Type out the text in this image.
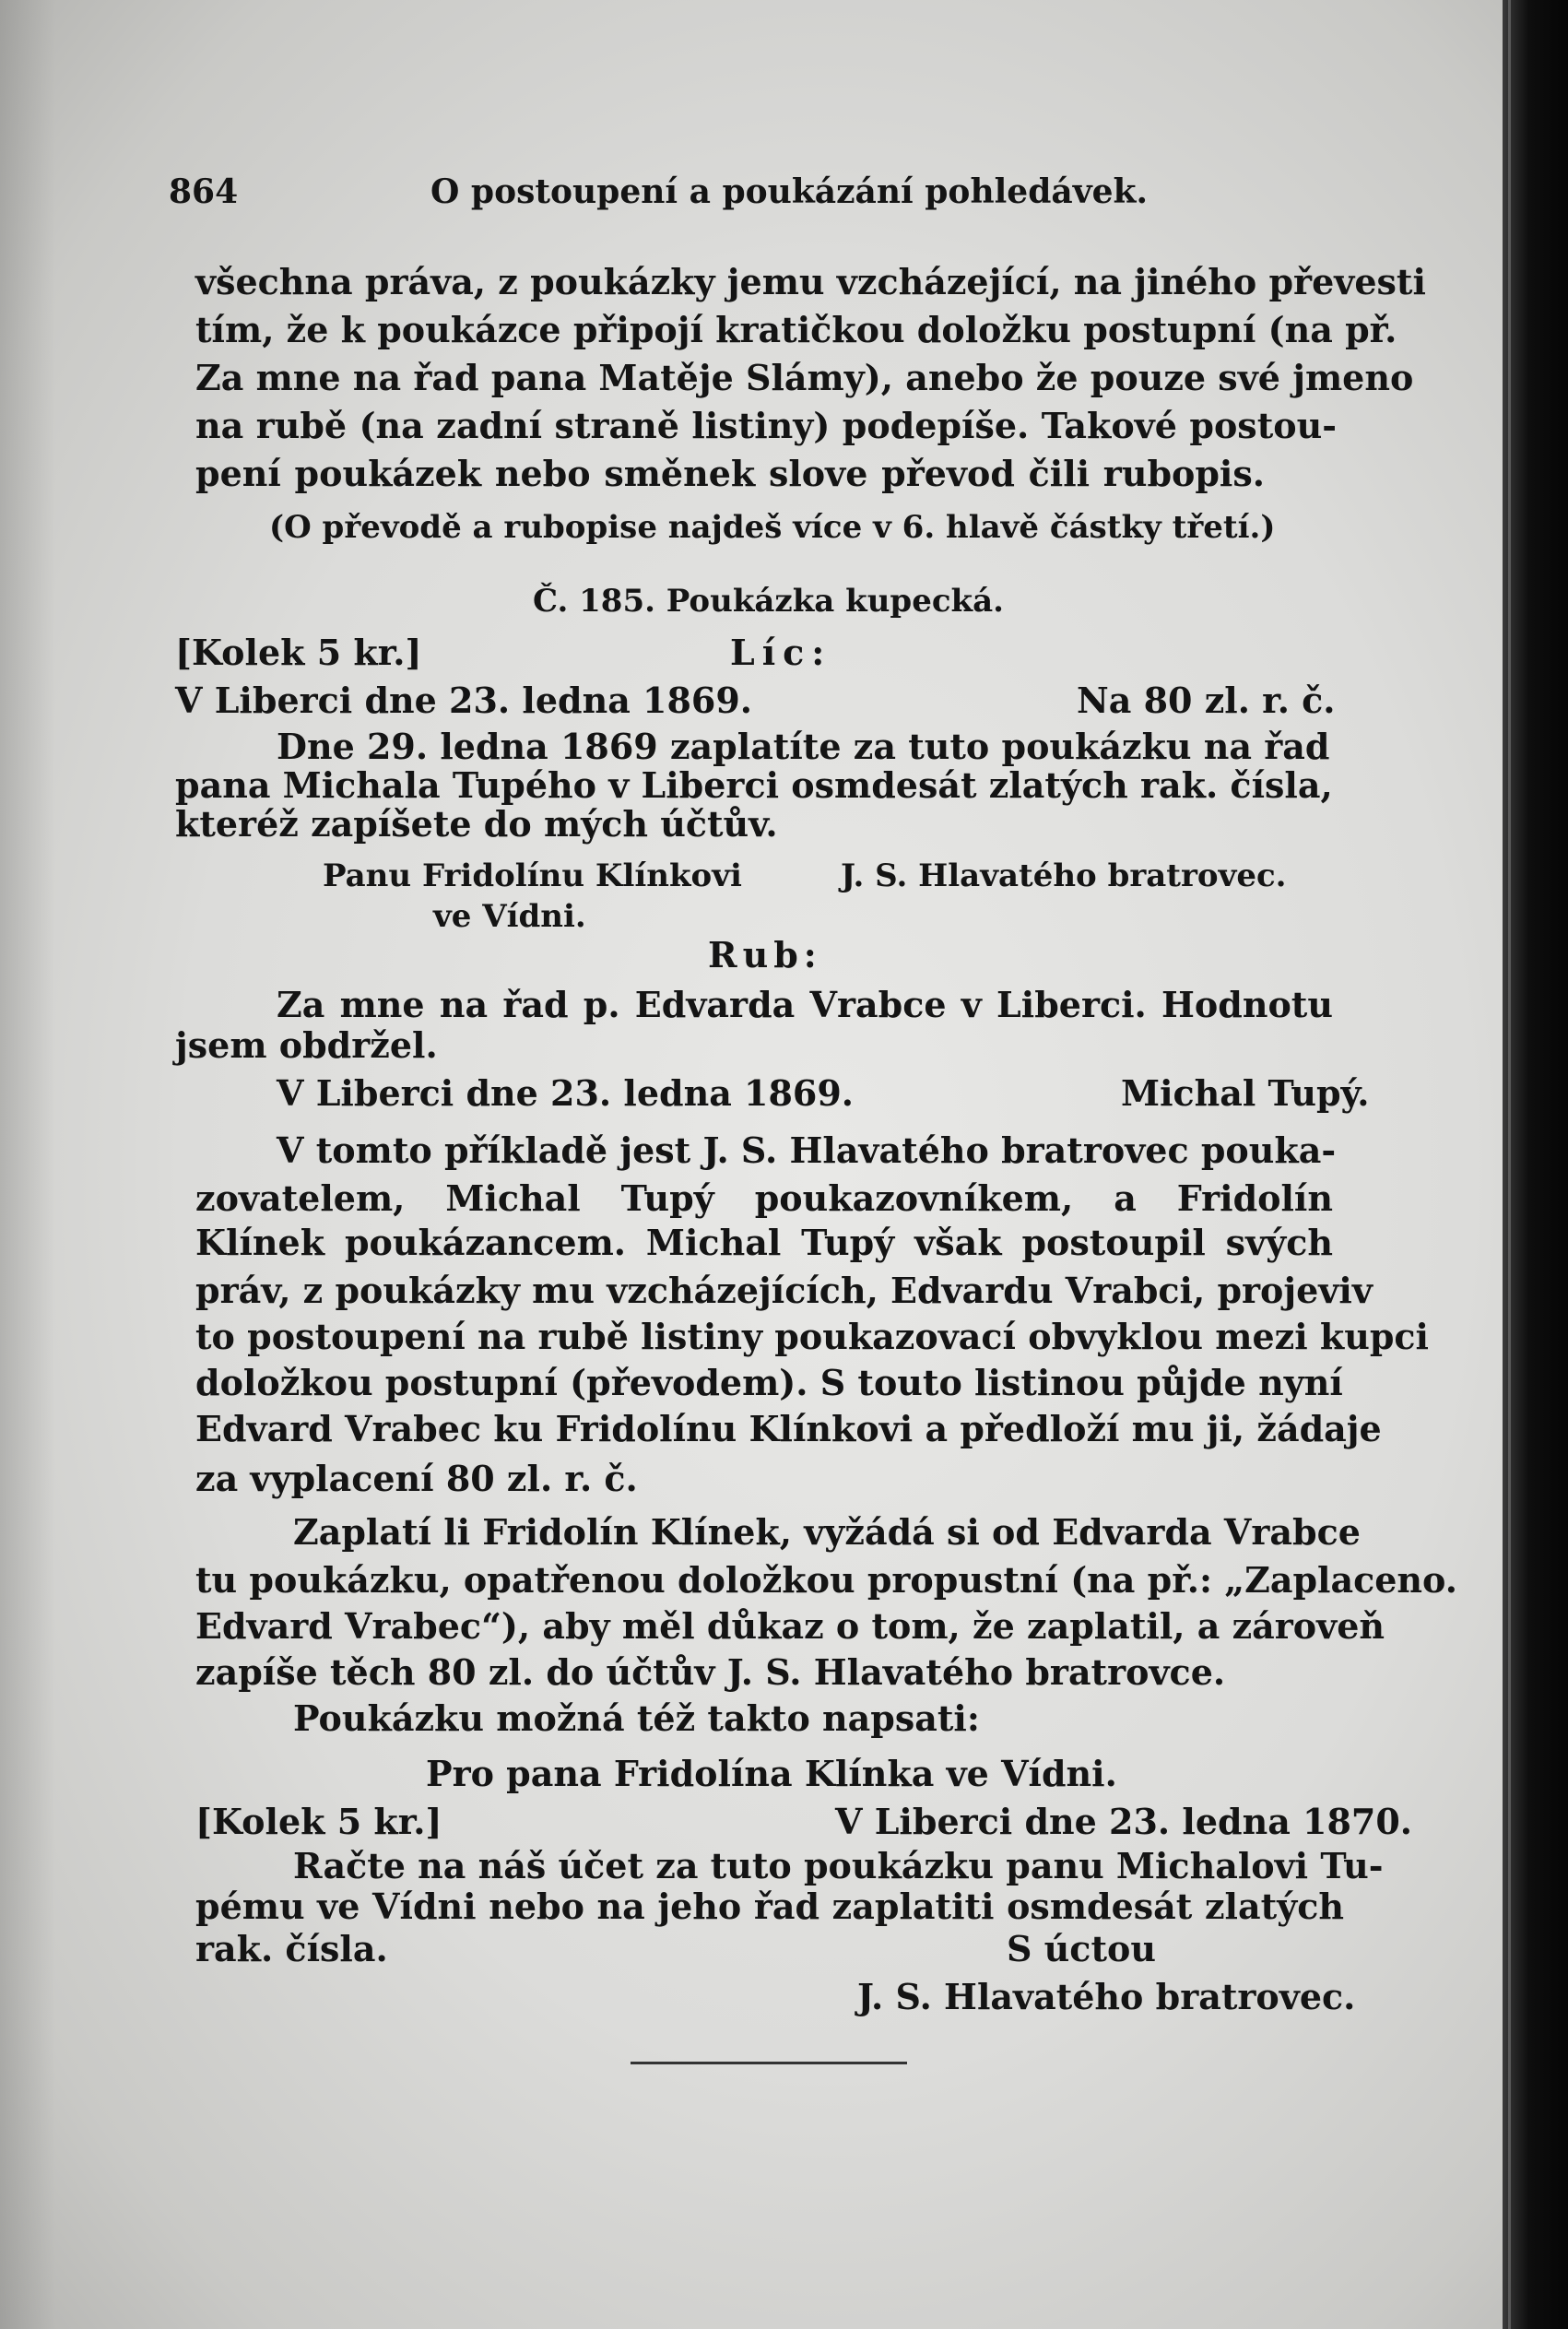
864	O postoupení a poukázání pohledávek.
všechna práva, z poukázky jemu vzcházející, na jiného převesti
tím, že k poukázce připojí kratičkou doložku postupní (na př.
Za mne na řad pana Matěje Slámy), anebo že pouze své jmeno
na rubě (na zadní straně listiny) podepíše. Takové postou-
pení poukázek nebo směnek slove převod čili rubopis.
(O převodě a rubopise najdeš více v 6. hlavě částky třetí.)
Č. 185. Poukázka kupecká.
[Kolek 5 kr.]	Líc:
V Liberci dne 23. ledna 1869.	Na 80 zl. r. č.
Dne 29. ledna 1869 zaplatíte za tuto poukázku na řad
pana Michala Tupého v Liberci osmdesát zlatých rak. čísla,
kteréž zapíšete do mých účtův.
Panu Fridolínu Klínkovi	J. S. Hlavatého bratrovec.
ve Vídni.
Rub:
Za mne na řad p. Edvarda Vrabce v Liberci. Hodnotu
jsem obdržel.
V Liberci dne 23. ledna 1869.	Michal Tupý.
V tomto příkladě jest J. S. Hlavatého bratrovec pouka-
zovatelem, Michal Tupý poukazovníkem, a Fridolín
Klínek poukázancem. Michal Tupý však postoupil svých
práv, z poukázky mu vzcházejících, Edvardu Vrabci, projeviv
to postoupení na rubě listiny poukazovací obvyklou mezi kupci
doložkou postupní (převodem). S touto listinou půjde nyní
Edvard Vrabec ku Fridolínu Klínkovi a předloží mu ji, žádaje
za vyplacení 80 zl. r. č.
Zaplatí li Fridolín Klínek, vyžádá si od Edvarda Vrabce
tu poukázku, opatřenou doložkou propustní (na př.: „Zaplaceno.
Edvard Vrabec“), aby měl důkaz o tom, že zaplatil, a zároveň
zapíše těch 80 zl. do účtův J. S. Hlavatého bratrovce.
Poukázku možná též takto napsati:
Pro pana Fridolína Klínka ve Vídni.
[Kolek 5 kr.]	V Liberci dne 23. ledna 1870.
Račte na náš účet za tuto poukázku panu Michalovi Tu-
pému ve Vídni nebo na jeho řad zaplatiti osmdesát zlatých
rak. čísla.	S úctou
J. S. Hlavatého bratrovec.
